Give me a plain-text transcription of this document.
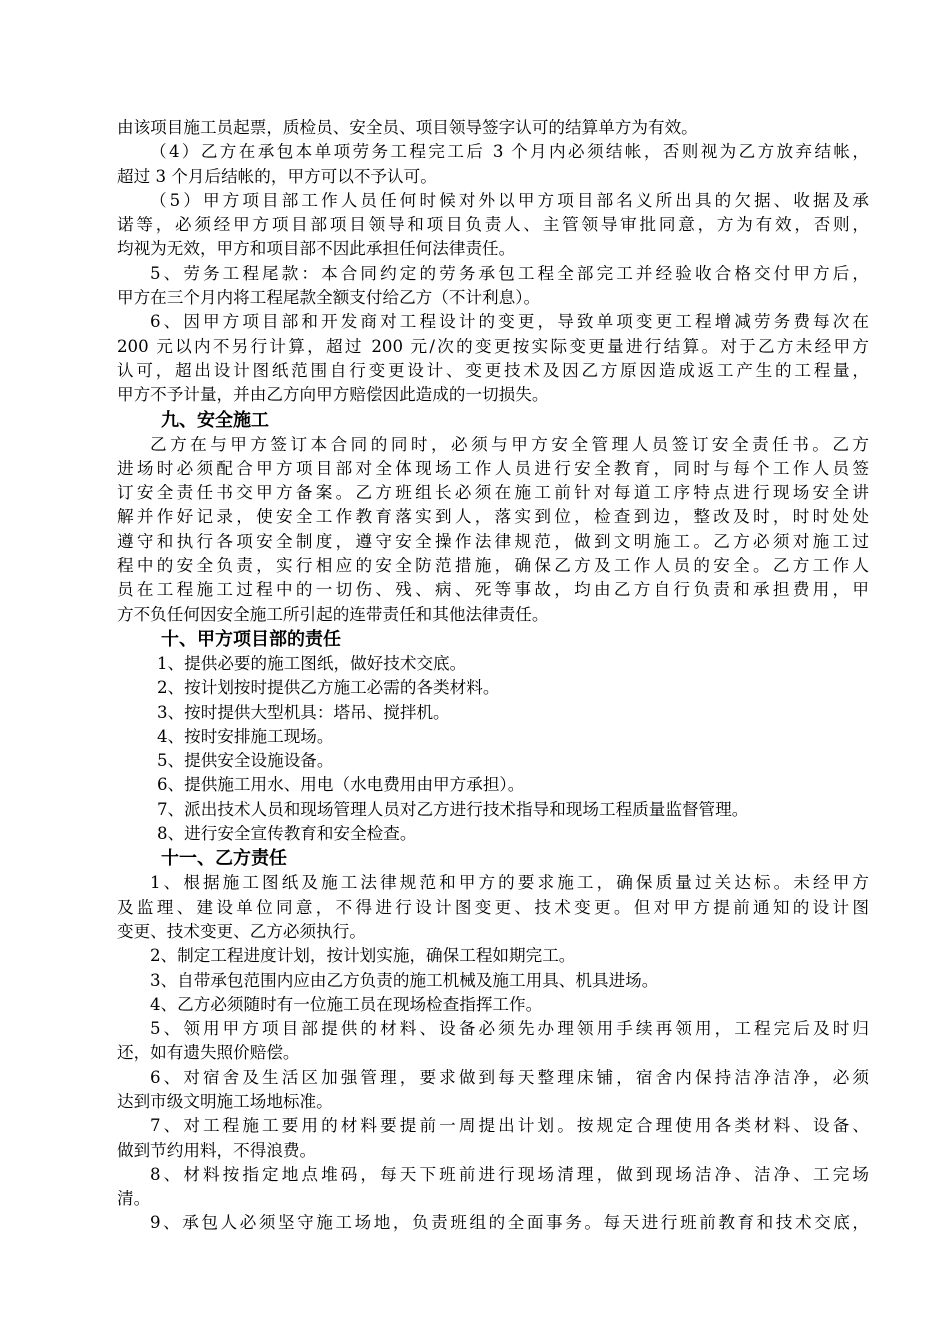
由该项目施工员起票，质检员、安全员、项目领导签字认可的结算单方为有效。
（4）乙方在承包本单项劳务工程完工后 3 个月内必须结帐，否则视为乙方放弃结帐，
超过 3 个月后结帐的，甲方可以不予认可。
（5）甲方项目部工作人员任何时候对外以甲方项目部名义所出具的欠据、收据及承
诺等，必须经甲方项目部项目领导和项目负责人、主管领导审批同意，方为有效，否则，
均视为无效，甲方和项目部不因此承担任何法律责任。
5、劳务工程尾款：本合同约定的劳务承包工程全部完工并经验收合格交付甲方后，
甲方在三个月内将工程尾款全额支付给乙方（不计利息）。
6、因甲方项目部和开发商对工程设计的变更，导致单项变更工程增减劳务费每次在
200 元以内不另行计算，超过 200 元/次的变更按实际变更量进行结算。对于乙方未经甲方
认可，超出设计图纸范围自行变更设计、变更技术及因乙方原因造成返工产生的工程量，
甲方不予计量，并由乙方向甲方赔偿因此造成的一切损失。
九、安全施工
乙方在与甲方签订本合同的同时，必须与甲方安全管理人员签订安全责任书。乙方
进场时必须配合甲方项目部对全体现场工作人员进行安全教育，同时与每个工作人员签
订安全责任书交甲方备案。乙方班组长必须在施工前针对每道工序特点进行现场安全讲
解并作好记录，使安全工作教育落实到人，落实到位，检查到边，整改及时，时时处处
遵守和执行各项安全制度，遵守安全操作法律规范，做到文明施工。乙方必须对施工过
程中的安全负责，实行相应的安全防范措施，确保乙方及工作人员的安全。乙方工作人
员在工程施工过程中的一切伤、残、病、死等事故，均由乙方自行负责和承担费用，甲
方不负任何因安全施工所引起的连带责任和其他法律责任。
十、甲方项目部的责任
1、提供必要的施工图纸，做好技术交底。
2、按计划按时提供乙方施工必需的各类材料。
3、按时提供大型机具：塔吊、搅拌机。
4、按时安排施工现场。
5、提供安全设施设备。
6、提供施工用水、用电（水电费用由甲方承担）。
7、派出技术人员和现场管理人员对乙方进行技术指导和现场工程质量监督管理。
8、进行安全宣传教育和安全检查。
十一、乙方责任
1、根据施工图纸及施工法律规范和甲方的要求施工，确保质量过关达标。未经甲方
及监理、建设单位同意，不得进行设计图变更、技术变更。但对甲方提前通知的设计图
变更、技术变更、乙方必须执行。
2、制定工程进度计划，按计划实施，确保工程如期完工。
3、自带承包范围内应由乙方负责的施工机械及施工用具、机具进场。
4、乙方必须随时有一位施工员在现场检查指挥工作。
5、领用甲方项目部提供的材料、设备必须先办理领用手续再领用，工程完后及时归
还，如有遗失照价赔偿。
6、对宿舍及生活区加强管理，要求做到每天整理床铺，宿舍内保持洁净洁净，必须
达到市级文明施工场地标准。
7、对工程施工要用的材料要提前一周提出计划。按规定合理使用各类材料、设备、
做到节约用料，不得浪费。
8、材料按指定地点堆码，每天下班前进行现场清理，做到现场洁净、洁净、工完场
清。
9、承包人必须坚守施工场地，负责班组的全面事务。每天进行班前教育和技术交底，
